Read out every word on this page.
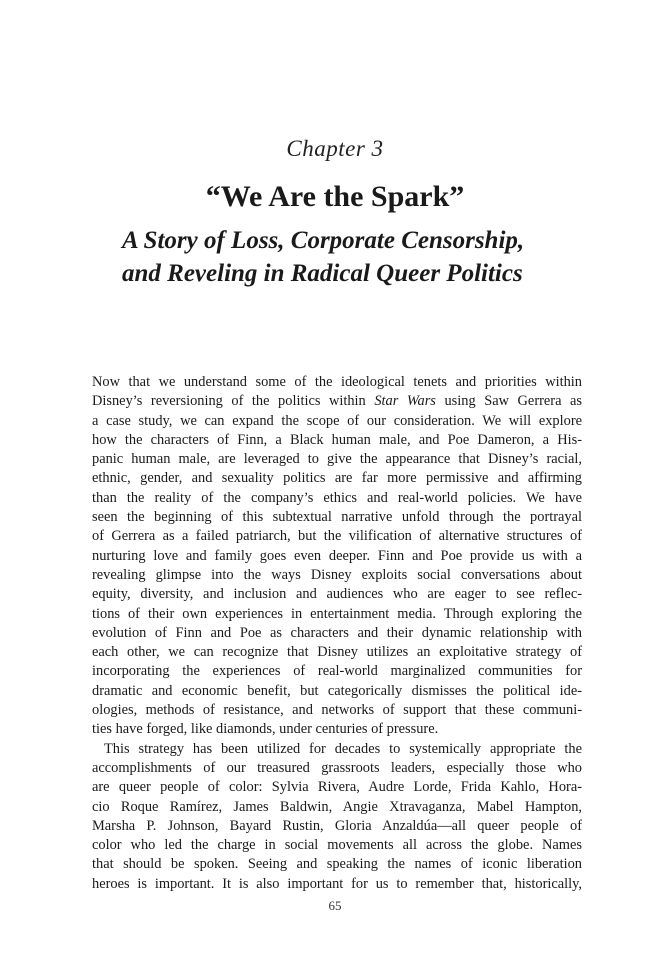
Chapter 3
“We Are the Spark”
A Story of Loss, Corporate Censorship,
and Reveling in Radical Queer Politics
Now that we understand some of the ideological tenets and priorities within
Disney’s reversioning of the politics within Star Wars using Saw Gerrera as
a case study, we can expand the scope of our consideration. We will explore
how the characters of Finn, a Black human male, and Poe Dameron, a His-
panic human male, are leveraged to give the appearance that Disney’s racial,
ethnic, gender, and sexuality politics are far more permissive and affirming
than the reality of the company’s ethics and real-world policies. We have
seen the beginning of this subtextual narrative unfold through the portrayal
of Gerrera as a failed patriarch, but the vilification of alternative structures of
nurturing love and family goes even deeper. Finn and Poe provide us with a
revealing glimpse into the ways Disney exploits social conversations about
equity, diversity, and inclusion and audiences who are eager to see reflec-
tions of their own experiences in entertainment media. Through exploring the
evolution of Finn and Poe as characters and their dynamic relationship with
each other, we can recognize that Disney utilizes an exploitative strategy of
incorporating the experiences of real-world marginalized communities for
dramatic and economic benefit, but categorically dismisses the political ide-
ologies, methods of resistance, and networks of support that these communi-
ties have forged, like diamonds, under centuries of pressure.
This strategy has been utilized for decades to systemically appropriate the
accomplishments of our treasured grassroots leaders, especially those who
are queer people of color: Sylvia Rivera, Audre Lorde, Frida Kahlo, Hora-
cio Roque Ramírez, James Baldwin, Angie Xtravaganza, Mabel Hampton,
Marsha P. Johnson, Bayard Rustin, Gloria Anzaldúa—all queer people of
color who led the charge in social movements all across the globe. Names
that should be spoken. Seeing and speaking the names of iconic liberation
heroes is important. It is also important for us to remember that, historically,
65
